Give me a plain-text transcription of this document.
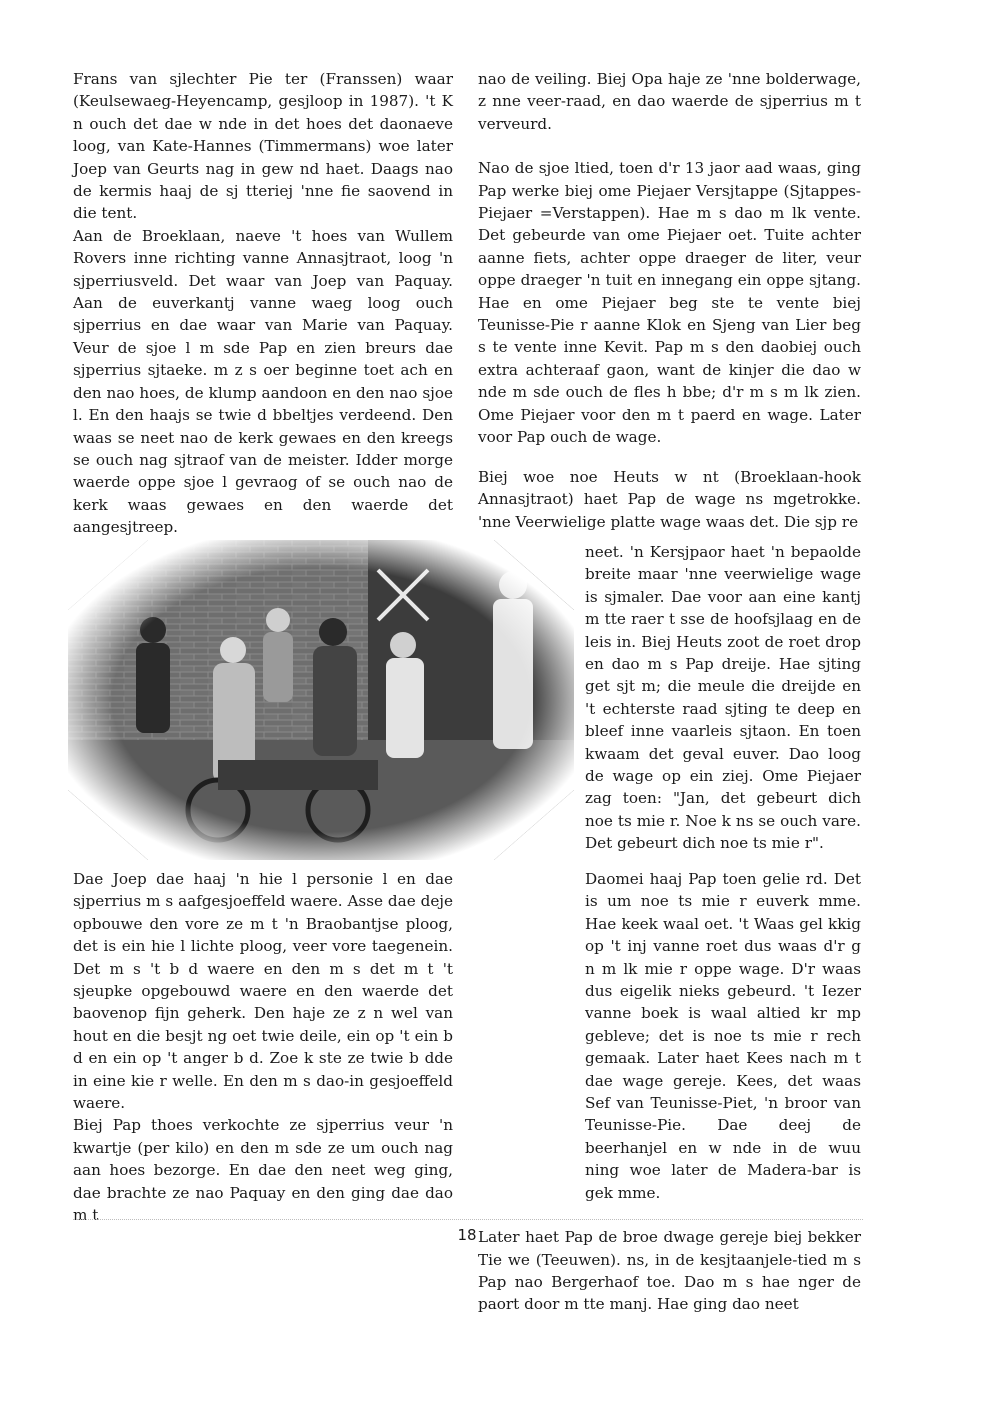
Frans van sjlechter Pie ter (Franssen) waar (Keulsewaeg-Heyencamp, gesjloop in 1987). 't K n ouch det dae w nde in det hoes det daonaeve loog, van Kate-Hannes (Timmermans) woe later Joep van Geurts nag in gew nd haet. Daags nao de kermis haaj de sj tteriej 'nne fie saovend in die tent.

Aan de Broeklaan, naeve 't hoes van Wullem Rovers inne richting vanne Annasjtraot, loog 'n sjperriusveld. Det waar van Joep van Paquay. Aan de euverkantj vanne waeg loog ouch sjperrius en dae waar van Marie van Paquay. Veur de sjoe l m sde Pap en zien breurs dae sjperrius sjtaeke. m z s oer beginne toet ach en den nao hoes, de klump aandoon en den nao sjoe l. En den haajs se twie d bbeltjes verdeend. Den waas se neet nao de kerk gewaes en den kreegs se ouch nag sjtraof van de meister. Idder morge waerde oppe sjoe l gevraog of se ouch nao de kerk waas gewaes en den waerde det aangesjtreep.

Dae Joep dae haaj 'n hie l personie l en dae sjperrius m s aafgesjoeffeld waere. Asse dae deje opbouwe den vore ze m t 'n Braobantjse ploog, det is ein hie l lichte ploog, veer vore taegenein. Det m s 't b d waere en den m s det m t 't sjeupke opgebouwd waere en den waerde det baovenop fijn geherk. Den haje ze z n wel van hout en die besjt ng oet twie deile, ein op 't ein b d en ein op 't anger b d. Zoe k ste ze twie b dde in eine kie r welle. En den m s dao-in gesjoeffeld waere.

Biej Pap thoes verkochte ze sjperrius veur 'n kwartje (per kilo) en den m sde ze um ouch nag aan hoes bezorge. En dae den neet weg ging, dae brachte ze nao Paquay en den ging dae dao m t

nao de veiling. Biej Opa haje ze 'nne bolderwage, z nne veer-raad, en dao waerde de sjperrius m t verveurd.

Nao de sjoe ltied, toen d'r 13 jaor aad waas, ging Pap werke biej ome Piejaer Versjtappe (Sjtappes-Piejaer =Verstappen). Hae m s dao m lk vente. Det gebeurde van ome Piejaer oet. Tuite achter aanne fiets, achter oppe draeger de liter, veur oppe draeger 'n tuit en innegang ein oppe sjtang. Hae en ome Piejaer beg ste te vente biej Teunisse-Pie r aanne Klok en Sjeng van Lier beg s te vente inne Kevit. Pap m s den daobiej ouch extra achteraaf gaon, want de kinjer die dao w nde m sde ouch de fles h bbe; d'r m s m lk zien. Ome Piejaer voor den m t paerd en wage. Later voor Pap ouch de wage.

Biej woe noe Heuts w nt (Broeklaan-hook Annasjtraot) haet Pap de wage ns mgetrokke. 'nne Veerwielige platte wage waas det. Die sjp re

neet. 'n Kersjpaor haet 'n bepaolde breite maar 'nne veerwielige wage is sjmaler. Dae voor aan eine kantj m tte raer t sse de hoofsjlaag en de leis in. Biej Heuts zoot de roet drop en dao m s Pap dreije. Hae sjting get sjt m; die meule die dreijde en 't echterste raad sjting te deep en bleef inne vaarleis sjtaon. En toen kwaam det geval euver. Dao loog de wage op ein ziej. Ome Piejaer zag toen: "Jan, det gebeurt dich noe ts mie r. Noe k ns se ouch vare. Det gebeurt dich noe ts mie r".

Daomei haaj Pap toen gelie rd. Det is um noe ts mie r euverk mme. Hae keek waal oet. 't Waas gel kkig op 't inj vanne roet dus waas d'r g n m lk mie r oppe wage. D'r waas dus eigelik nieks gebeurd. 't Iezer vanne boek is waal altied kr mp gebleve; det is noe ts mie r rech gemaak. Later haet Kees nach m t dae wage gereje. Kees, det waas Sef van Teunisse-Piet, 'n broor van Teunisse-Pie. Dae deej de beerhanjel en w nde in de wuu ning woe later de Madera-bar is gek mme.

Later haet Pap de broe dwage gereje biej bekker Tie we (Teeuwen). ns, in de kesjtaanjele-tied m s Pap nao Bergerhaof toe. Dao m s hae nger de paort door m tte manj. Hae ging dao neet

18
